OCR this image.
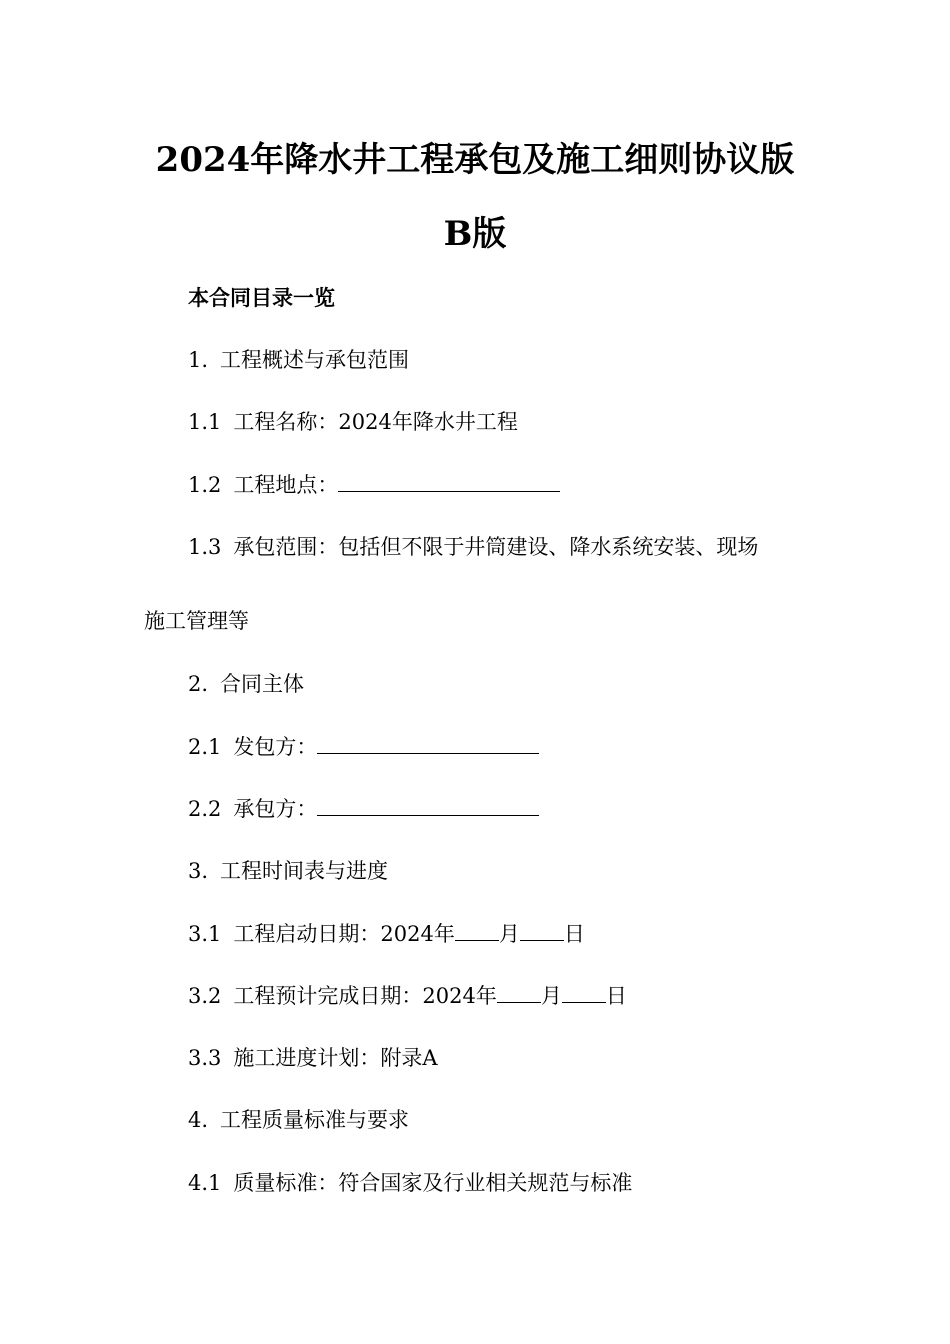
2024年降水井工程承包及施工细则协议版
B版
本合同目录一览
1. 工程概述与承包范围
1.1 工程名称：2024年降水井工程
1.2 工程地点：
1.3 承包范围：包括但不限于井筒建设、降水系统安装、现场
施工管理等
2. 合同主体
2.1 发包方：
2.2 承包方：
3. 工程时间表与进度
3.1 工程启动日期：2024年 月 日
3.2 工程预计完成日期：2024年 月 日
3.3 施工进度计划：附录A
4. 工程质量标准与要求
4.1 质量标准：符合国家及行业相关规范与标准
